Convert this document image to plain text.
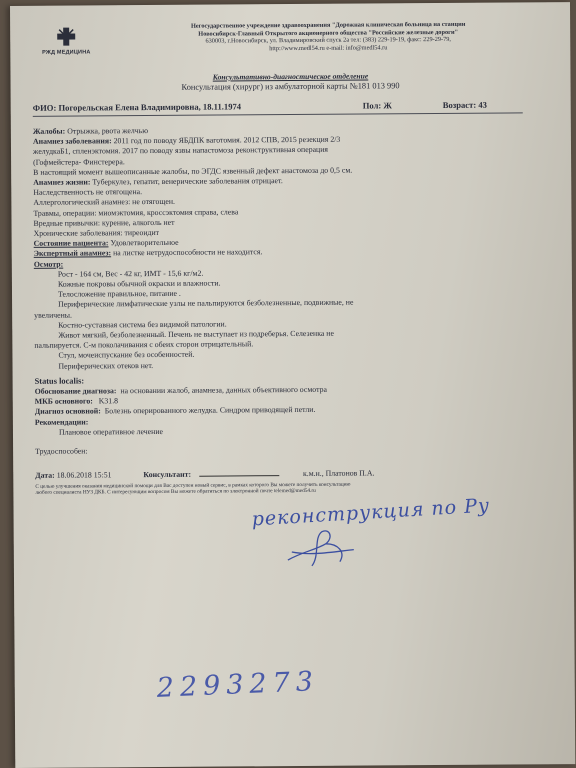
РЖД МЕДИЦИНА
Негосударственное учреждение здравоохранения "Дорожная клиническая больница на станции
Новосибирск-Главный Открытого акционерного общества "Российские железные дороги"
630003, г.Новосибирск, ул. Владимировский спуск 2а тел: (383) 229-19-19, факс: 229-29-79,
http://www.medl54.ru e-mail: info@medl54.ru
Консультативно-диагностическое отделение
Консультация (хирург) из амбулаторной карты №181 013 990
ФИО: Погорельская Елена Владимировна, 18.11.1974	Пол: Ж	Возраст: 43

Жалобы: Отрыжка, рвота желчью
Анамнез заболевания: 2011 год по поводу ЯБДПК ваготомия. 2012 СПВ, 2015 резекция 2/3
желудкаБ1, спленэктомия. 2017 по поводу язвы напастомоза реконструктивная операция
(Гофмейстера- Финстерера.
В настоящий момент вышеописанные жалобы, по ЭГДС язвенный дефект анастомоза до 0,5 см.
Анамнез жизни: Туберкулез, гепатит, венерические заболевания отрицает.
Наследственность не отягощена.
Аллергологический анамнез: не отягощен.
Травмы, операции: миомэктомия, кроссэктомия справа, слева
Вредные привычки: курение, алкоголь нет
Хронические заболевания: тиреоидит
Состояние пациента: Удовлетворительное
Экспертный анамнез: на листке нетрудоспособности не находится.
Осмотр:
Рост - 164 см, Вес - 42 кг, ИМТ - 15,6 кг/м2.
Кожные покровы обычной окраски и влажности.
Телосложение правильное, питание .
Периферические лимфатические узлы не пальпируются безболезненные, подвижные, не
увеличены.
Костно-суставная система без видимой патологии.
Живот мягкий, безболезненный. Печень не выступает из подреберья. Селезенка не
пальпируется. С-м поколачивания с обеих сторон отрицательный.
Стул, мочеиспускание без особенностей.
Периферических отеков нет.
Status localis:
Обоснование диагноза: на основании жалоб, анамнеза, данных объективного осмотра
МКБ основного: K31.8
Диагноз основной: Болезнь оперированного желудка. Синдром приводящей петли.
Рекомендации:
Плановое оперативное лечение
Трудоспособен:
Дата: 18.06.2018 15:51	Консультант:	к.м.н., Платонов П.А.
С целью улучшения оказания медицинской помощи для Вас доступен новый сервис, в рамках которого Вы можете получить консультацию
любого специалиста НУЗ ДКБ. С интересующим вопросом Вы можете обратиться по электронной почте telemed@med54.ru
реконструкция по Ру
2293273
